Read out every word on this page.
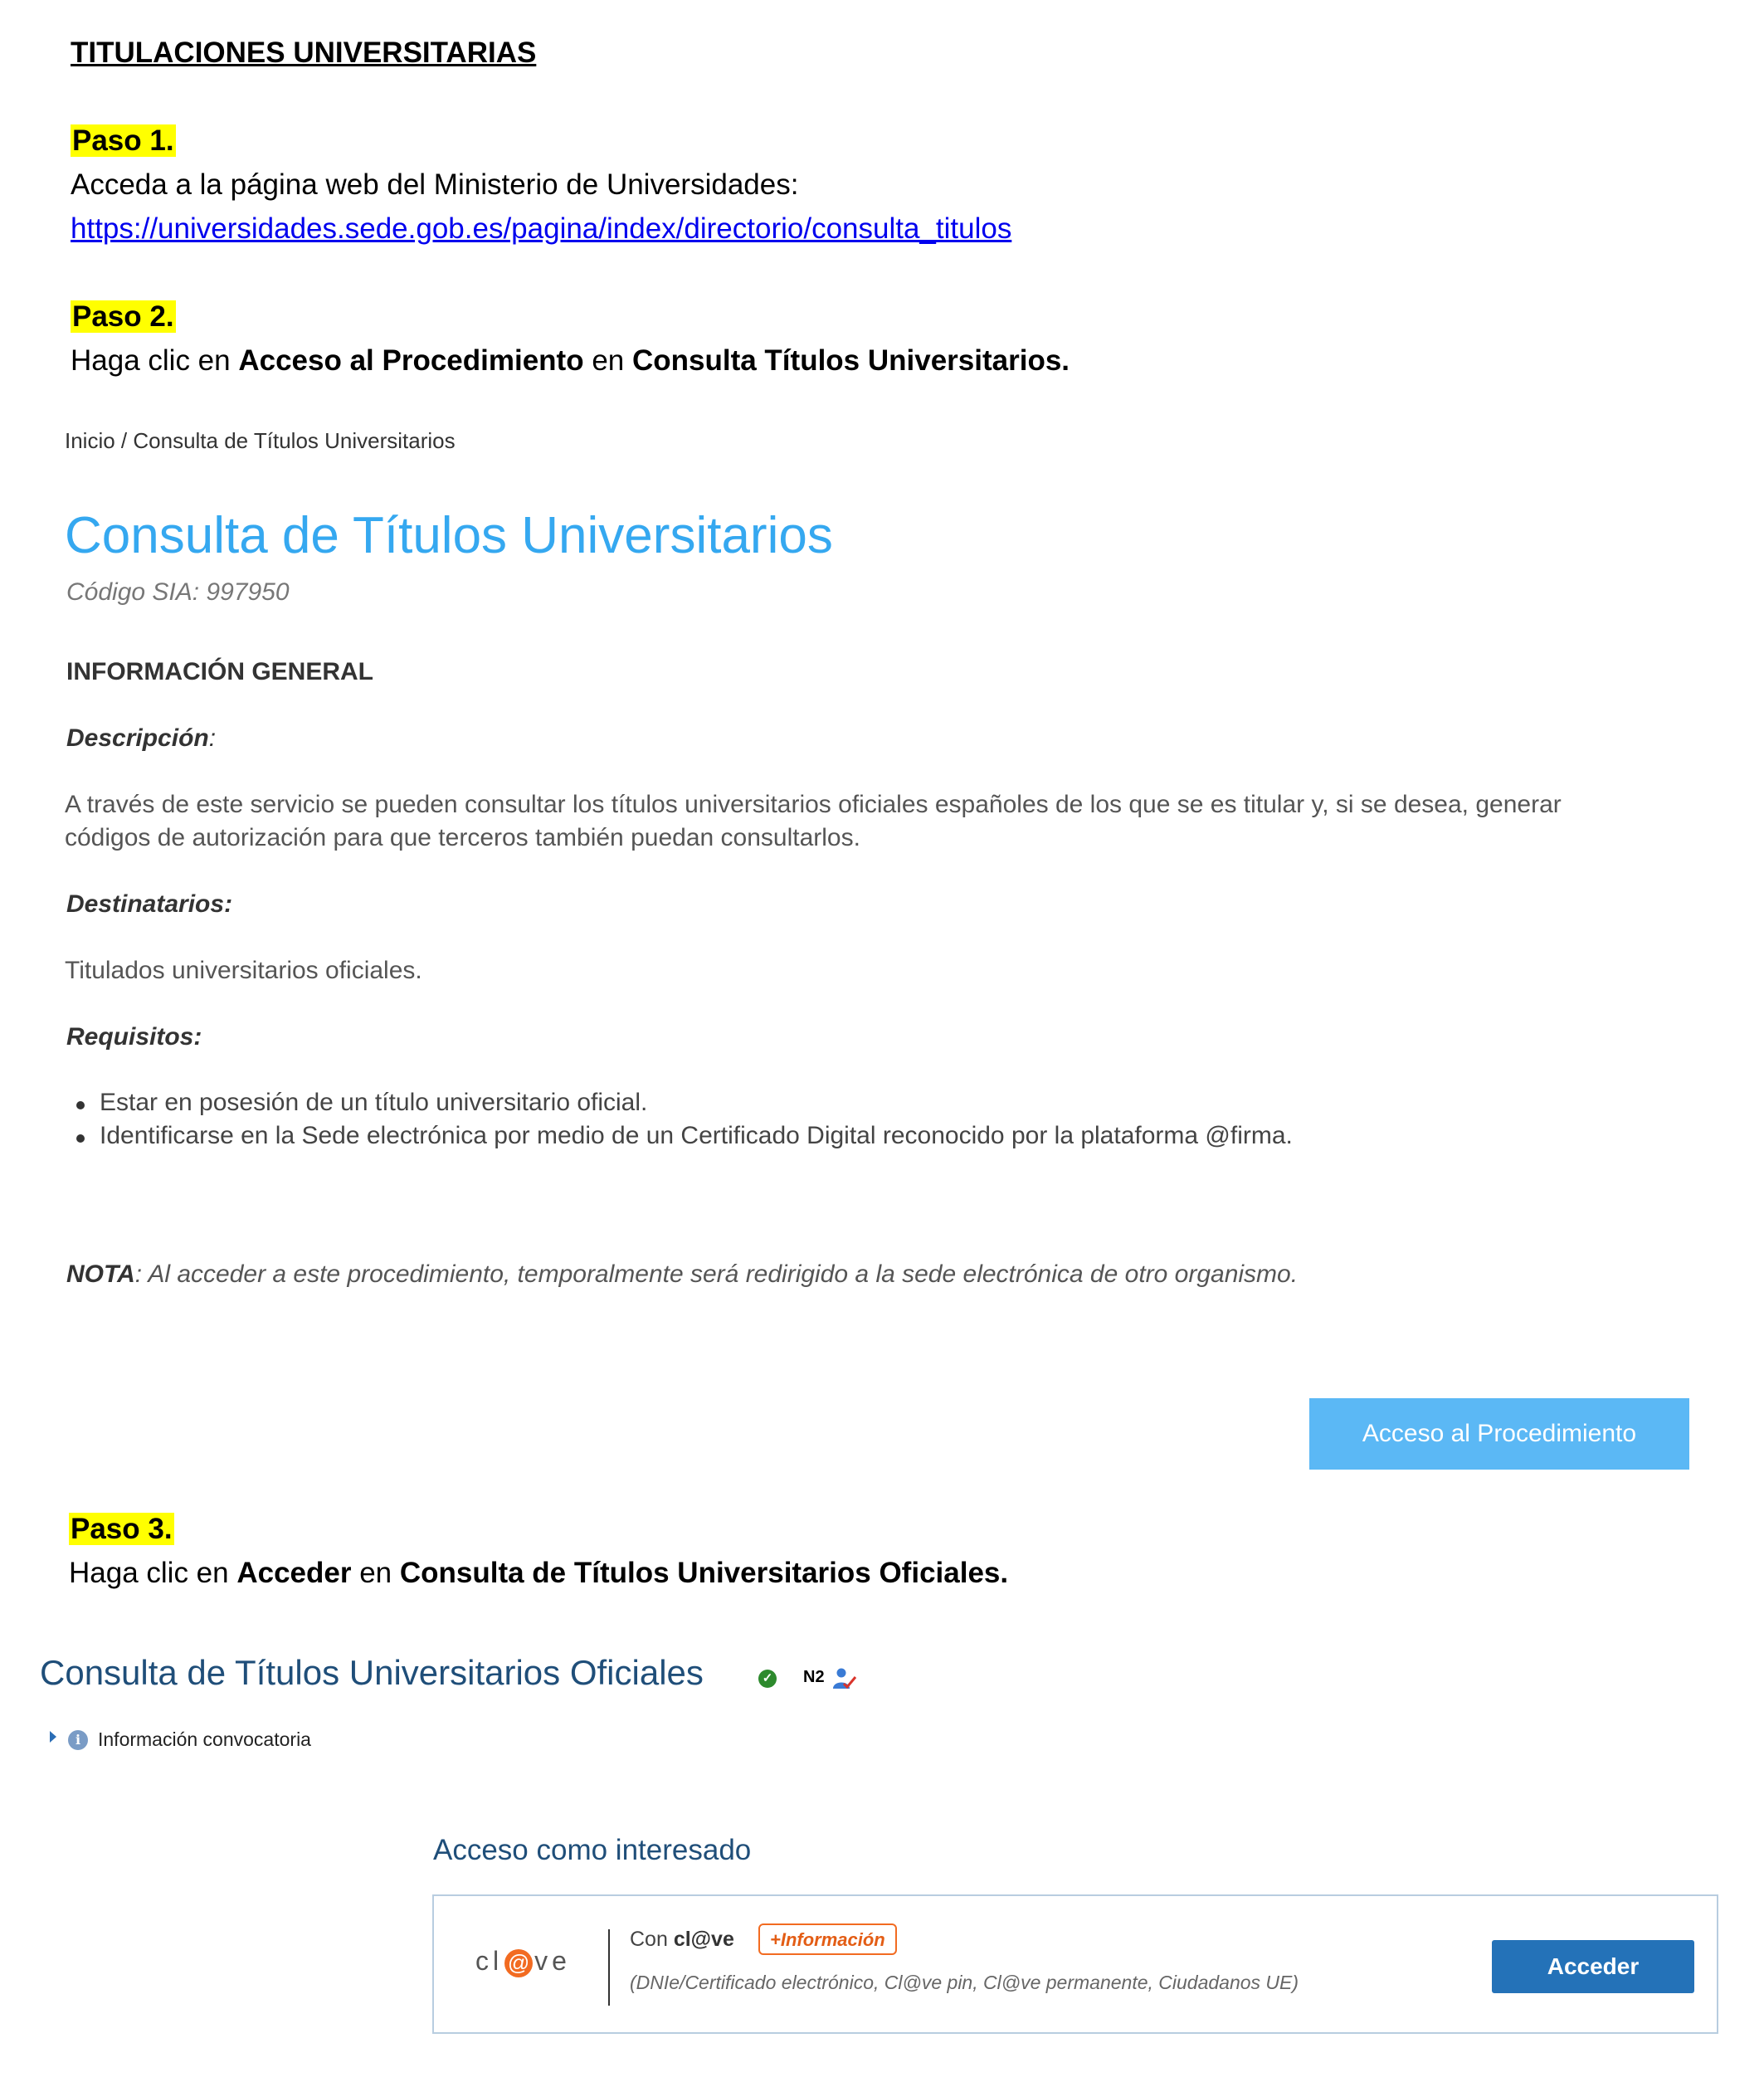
TITULACIONES UNIVERSITARIAS
Paso 1.
Acceda a la página web del Ministerio de Universidades:
https://universidades.sede.gob.es/pagina/index/directorio/consulta_titulos
Paso 2.
Haga clic en Acceso al Procedimiento en Consulta Títulos Universitarios.
Inicio / Consulta de Títulos Universitarios
Consulta de Títulos Universitarios
Código SIA: 997950
INFORMACIÓN GENERAL
Descripción:
A través de este servicio se pueden consultar los títulos universitarios oficiales españoles de los que se es titular y, si se desea, generar
códigos de autorización para que terceros también puedan consultarlos.
Destinatarios:
Titulados universitarios oficiales.
Requisitos:
Estar en posesión de un título universitario oficial.
Identificarse en la Sede electrónica por medio de un Certificado Digital reconocido por la plataforma @firma.
NOTA: Al acceder a este procedimiento, temporalmente será redirigido a la sede electrónica de otro organismo.
Acceso al Procedimiento
Paso 3.
Haga clic en Acceder en Consulta de Títulos Universitarios Oficiales.
Consulta de Títulos Universitarios Oficiales	✓ N2
i Información convocatoria
Acceso como interesado
cl @ ve
Con cl@ve	+Información
(DNIe/Certificado electrónico, Cl@ve pin, Cl@ve permanente, Ciudadanos UE)
Acceder
